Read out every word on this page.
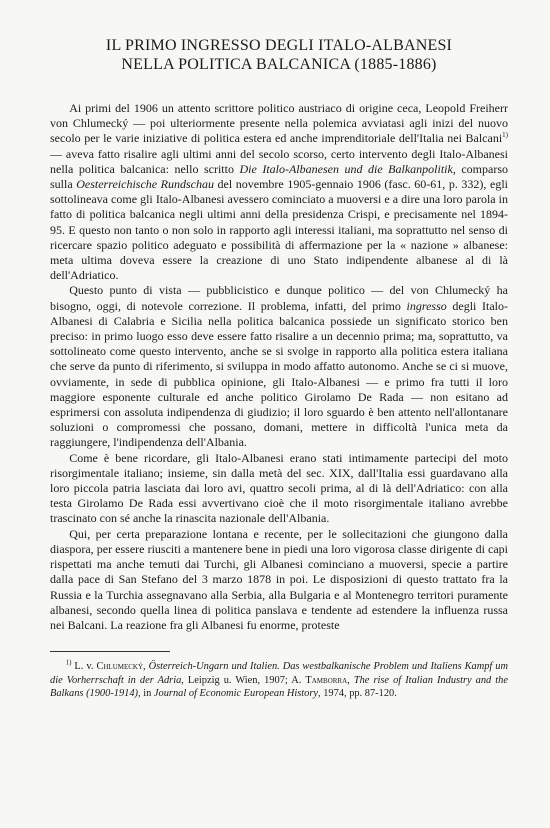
IL PRIMO INGRESSO DEGLI ITALO-ALBANESI
NELLA POLITICA BALCANICA (1885-1886)

Ai primi del 1906 un attento scrittore politico austriaco di origine ceca, Leopold Freiherr von Chlumecký — poi ulteriormente presente nella polemica avviatasi agli inizi del nuovo secolo per le varie iniziative di politica estera ed anche imprenditoriale dell'Italia nei Balcani$^{1)}$ — aveva fatto risalire agli ultimi anni del secolo scorso, certo intervento degli Italo-Albanesi nella politica balcanica: nello scritto Die Italo-Albanesen und die Balkanpolitik, comparso sulla Oesterreichische Rundschau del novembre 1905-gennaio 1906 (fasc. 60-61, p. 332), egli sottolineava come gli Italo-Albanesi avessero cominciato a muoversi e a dire una loro parola in fatto di politica balcanica negli ultimi anni della presidenza Crispi, e precisamente nel 1894-95. E questo non tanto o non solo in rapporto agli interessi italiani, ma soprattutto nel senso di ricercare spazio politico adeguato e possibilità di affermazione per la « nazione » albanese: meta ultima doveva essere la creazione di uno Stato indipendente albanese al di là dell'Adriatico.

Questo punto di vista — pubblicistico e dunque politico — del von Chlumecký ha bisogno, oggi, di notevole correzione. Il problema, infatti, del primo ingresso degli Italo-Albanesi di Calabria e Sicilia nella politica balcanica possiede un significato storico ben preciso: in primo luogo esso deve essere fatto risalire a un decennio prima; ma, soprattutto, va sottolineato come questo intervento, anche se si svolge in rapporto alla politica estera italiana che serve da punto di riferimento, si sviluppa in modo affatto autonomo. Anche se ci si muove, ovviamente, in sede di pubblica opinione, gli Italo-Albanesi — e primo fra tutti il loro maggiore esponente culturale ed anche politico Girolamo De Rada — non esitano ad esprimersi con assoluta indipendenza di giudizio; il loro sguardo è ben attento nell'allontanare soluzioni o compromessi che possano, domani, mettere in difficoltà l'unica meta da raggiungere, l'indipendenza dell'Albania.

Come è bene ricordare, gli Italo-Albanesi erano stati intimamente partecipi del moto risorgimentale italiano; insieme, sin dalla metà del sec. XIX, dall'Italia essi guardavano alla loro piccola patria lasciata dai loro avi, quattro secoli prima, al di là dell'Adriatico: con alla testa Girolamo De Rada essi avvertivano cioè che il moto risorgimentale italiano avrebbe trascinato con sé anche la rinascita nazionale dell'Albania.

Qui, per certa preparazione lontana e recente, per le sollecitazioni che giungono dalla diaspora, per essere riusciti a mantenere bene in piedi una loro vigorosa classe dirigente di capi rispettati ma anche temuti dai Turchi, gli Albanesi cominciano a muoversi, specie a partire dalla pace di San Stefano del 3 marzo 1878 in poi. Le disposizioni di questo trattato fra la Russia e la Turchia assegnavano alla Serbia, alla Bulgaria e al Montenegro territori puramente albanesi, secondo quella linea di politica panslava e tendente ad estendere la influenza russa nei Balcani. La reazione fra gli Albanesi fu enorme, proteste

$^{1)}$ L. v. Chlumecký, Österreich-Ungarn und Italien. Das westbalkanische Problem und Italiens Kampf um die Vorherrschaft in der Adria, Leipzig u. Wien, 1907; A. Tamborra, The rise of Italian Industry and the Balkans (1900-1914), in Journal of Economic European History, 1974, pp. 87-120.
